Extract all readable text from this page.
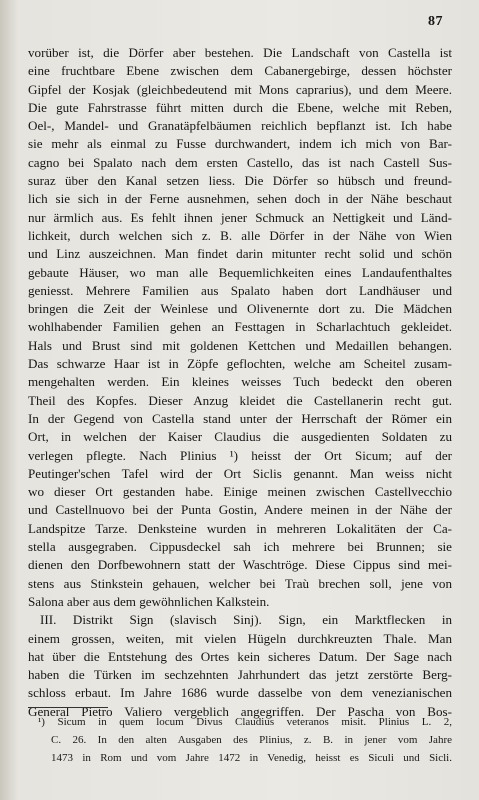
87
vorüber ist, die Dörfer aber bestehen. Die Landschaft von Castella ist
eine fruchtbare Ebene zwischen dem Cabanergebirge, dessen höchster
Gipfel der Kosjak (gleichbedeutend mit Mons caprarius), und dem Meere.
Die gute Fahrstrasse führt mitten durch die Ebene, welche mit Reben,
Oel-, Mandel- und Granatäpfelbäumen reichlich bepflanzt ist. Ich habe
sie mehr als einmal zu Fusse durchwandert, indem ich mich von Bar-
cagno bei Spalato nach dem ersten Castello, das ist nach Castell Sus-
suraz über den Kanal setzen liess. Die Dörfer so hübsch und freund-
lich sie sich in der Ferne ausnehmen, sehen doch in der Nähe beschaut
nur ärmlich aus. Es fehlt ihnen jener Schmuck an Nettigkeit und Länd-
lichkeit, durch welchen sich z. B. alle Dörfer in der Nähe von Wien
und Linz auszeichnen. Man findet darin mitunter recht solid und schön
gebaute Häuser, wo man alle Bequemlichkeiten eines Landaufenthaltes
geniesst. Mehrere Familien aus Spalato haben dort Landhäuser und
bringen die Zeit der Weinlese und Olivenernte dort zu. Die Mädchen
wohlhabender Familien gehen an Festtagen in Scharlachtuch gekleidet.
Hals und Brust sind mit goldenen Kettchen und Medaillen behangen.
Das schwarze Haar ist in Zöpfe geflochten, welche am Scheitel zusam-
mengehalten werden. Ein kleines weisses Tuch bedeckt den oberen
Theil des Kopfes. Dieser Anzug kleidet die Castellanerin recht gut.
In der Gegend von Castella stand unter der Herrschaft der Römer ein
Ort, in welchen der Kaiser Claudius die ausgedienten Soldaten zu
verlegen pflegte. Nach Plinius ¹) heisst der Ort Sicum; auf der
Peutinger'schen Tafel wird der Ort Siclis genannt. Man weiss nicht
wo dieser Ort gestanden habe. Einige meinen zwischen Castellvecchio
und Castellnuovo bei der Punta Gostin, Andere meinen in der Nähe der
Landspitze Tarze. Denksteine wurden in mehreren Lokalitäten der Ca-
stella ausgegraben. Cippusdeckel sah ich mehrere bei Brunnen; sie
dienen den Dorfbewohnern statt der Waschtröge. Diese Cippus sind mei-
stens aus Stinkstein gehauen, welcher bei Traù brechen soll, jene von
Salona aber aus dem gewöhnlichen Kalkstein.
III. Distrikt Sign (slavisch Sinj). Sign, ein Marktflecken in
einem grossen, weiten, mit vielen Hügeln durchkreuzten Thale. Man
hat über die Entstehung des Ortes kein sicheres Datum. Der Sage nach
haben die Türken im sechzehnten Jahrhundert das jetzt zerstörte Berg-
schloss erbaut. Im Jahre 1686 wurde dasselbe von dem venezianischen
General Pietro Valiero vergeblich angegriffen. Der Pascha von Bos-
¹) Sicum in quem locum Divus Claudius veteranos misit. Plinius L. 2,
C. 26. In den alten Ausgaben des Plinius, z. B. in jener vom Jahre
1473 in Rom und vom Jahre 1472 in Venedig, heisst es Siculi und Sicli.
